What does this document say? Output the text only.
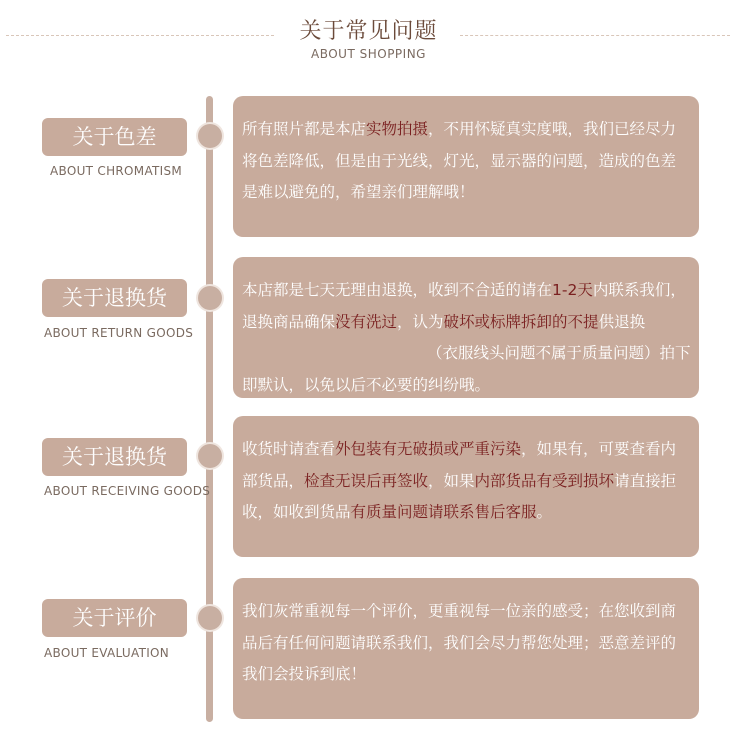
关于常见问题
ABOUT SHOPPING
关于色差
ABOUT CHROMATISM
所有照片都是本店实物拍摄，不用怀疑真实度哦，我们已经尽力将色差降低，但是由于光线，灯光，显示器的问题，造成的色差是难以避免的，希望亲们理解哦！
关于退换货
ABOUT RETURN GOODS
本店都是七天无理由退换，收到不合适的请在1-2天内联系我们，退换商品确保没有洗过，认为破坏或标牌拆卸的不提供退换（衣服线头问题不属于质量问题）拍下即默认，以免以后不必要的纠纷哦。
关于退换货
ABOUT RECEIVING GOODS
收货时请查看外包装有无破损或严重污染，如果有，可要查看内部货品，检查无误后再签收，如果内部货品有受到损坏请直接拒收，如收到货品有质量问题请联系售后客服。
关于评价
ABOUT EVALUATION
我们灰常重视每一个评价，更重视每一位亲的感受；在您收到商品后有任何问题请联系我们，我们会尽力帮您处理；恶意差评的我们会投诉到底！
